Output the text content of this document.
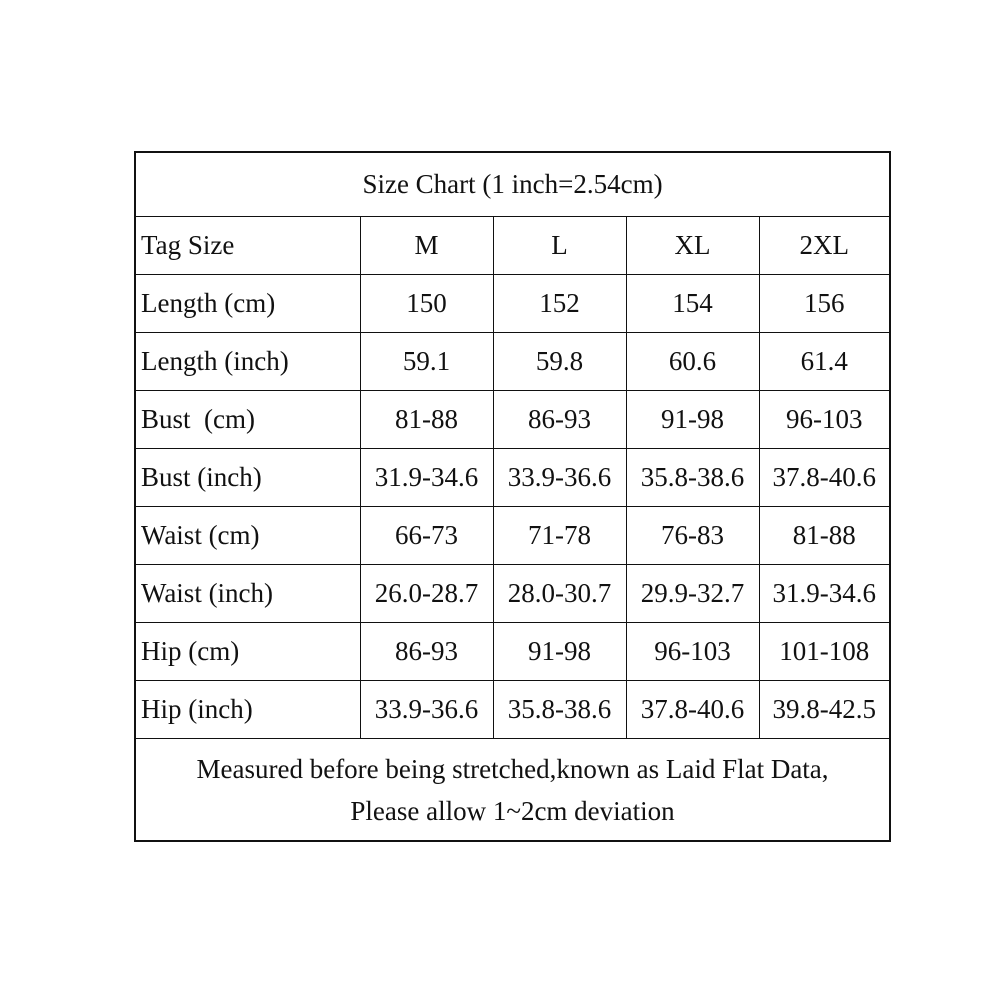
Size Chart (1 inch=2.54cm)				
Tag Size	M	L	XL	2XL
Length (cm)	150	152	154	156
Length (inch)	59.1	59.8	60.6	61.4
Bust  (cm)	81-88	86-93	91-98	96-103
Bust (inch)	31.9-34.6	33.9-36.6	35.8-38.6	37.8-40.6
Waist (cm)	66-73	71-78	76-83	81-88
Waist (inch)	26.0-28.7	28.0-30.7	29.9-32.7	31.9-34.6
Hip (cm)	86-93	91-98	96-103	101-108
Hip (inch)	33.9-36.6	35.8-38.6	37.8-40.6	39.8-42.5

Measured before being stretched,known as Laid Flat Data,
Please allow 1~2cm deviation				
